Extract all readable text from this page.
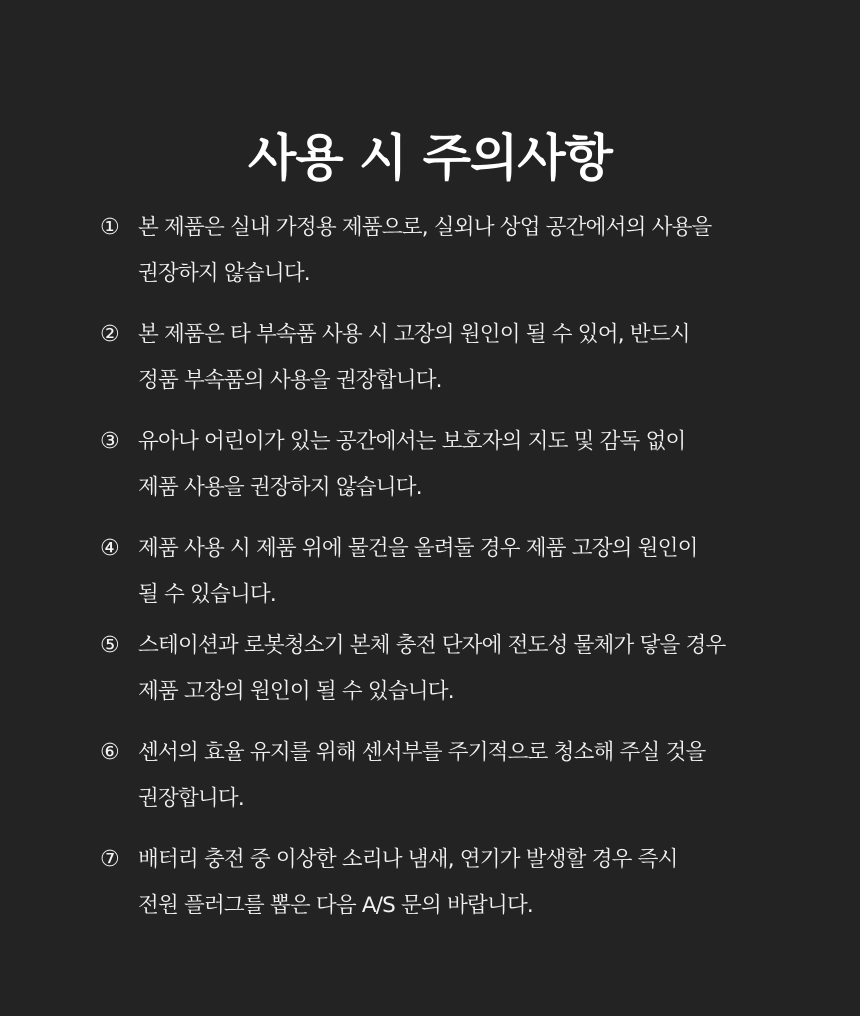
사용 시 주의사항
① 본 제품은 실내 가정용 제품으로, 실외나 상업 공간에서의 사용을
권장하지 않습니다.
② 본 제품은 타 부속품 사용 시 고장의 원인이 될 수 있어, 반드시
정품 부속품의 사용을 권장합니다.
③ 유아나 어린이가 있는 공간에서는 보호자의 지도 및 감독 없이
제품 사용을 권장하지 않습니다.
④ 제품 사용 시 제품 위에 물건을 올려둘 경우 제품 고장의 원인이
될 수 있습니다.
⑤ 스테이션과 로봇청소기 본체 충전 단자에 전도성 물체가 닿을 경우
제품 고장의 원인이 될 수 있습니다.
⑥ 센서의 효율 유지를 위해 센서부를 주기적으로 청소해 주실 것을
권장합니다.
⑦ 배터리 충전 중 이상한 소리나 냄새, 연기가 발생할 경우 즉시
전원 플러그를 뽑은 다음 A/S 문의 바랍니다.
